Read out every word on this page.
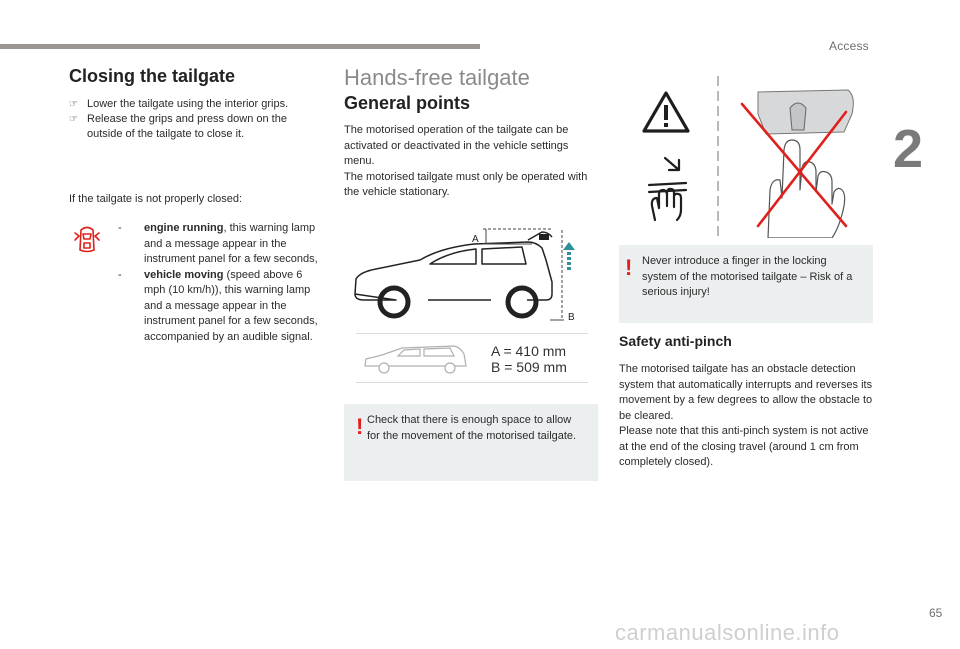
Access
2
Closing the tailgate
☞ Lower the tailgate using the interior grips.
☞ Release the grips and press down on the outside of the tailgate to close it.
If the tailgate is not properly closed:
- engine running, this warning lamp and a message appear in the instrument panel for a few seconds,
- vehicle moving (speed above 6 mph (10 km/h)), this warning lamp and a message appear in the instrument panel for a few seconds, accompanied by an audible signal.
Hands-free tailgate
General points
The motorised operation of the tailgate can be activated or deactivated in the vehicle settings menu.
The motorised tailgate must only be operated with the vehicle stationary.
A
B
A = 410 mm
B = 509 mm
! Check that there is enough space to allow for the movement of the motorised tailgate.
! Never introduce a finger in the locking system of the motorised tailgate – Risk of a serious injury!
Safety anti-pinch
The motorised tailgate has an obstacle detection system that automatically interrupts and reverses its movement by a few degrees to allow the obstacle to be cleared.
Please note that this anti-pinch system is not active at the end of the closing travel (around 1 cm from completely closed).
65
carmanualsonline.info
